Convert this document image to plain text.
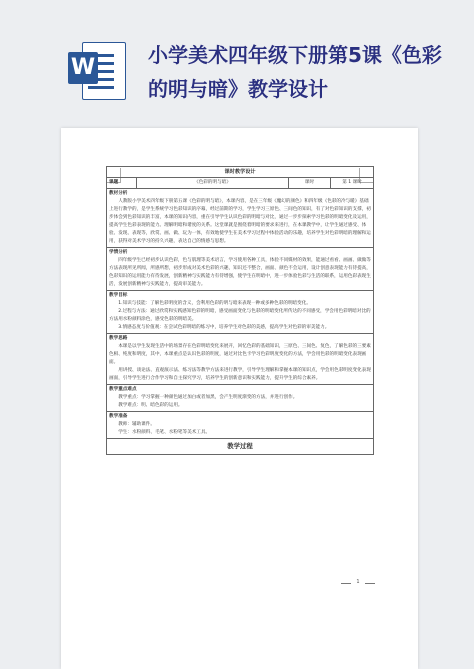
W	小学美术四年级下册第5课《色彩的明与暗》教学设计
课时教学设计
课题	《色彩的明与暗》	课时	第 1 课时

教材分析
人教版小学美术四年级下册第五课《色彩的明与暗》，本课内容，是在三年级《魔幻的颜色》和四年级《色彩的冷与暖》基础上进行教学的，是学生系统学习色彩知识的序幕，经过前期的学习，学生学习三原色、三间色的知识，有了对色彩知识的支撑，初步体会到色彩知识的丰富，本课的知识内容，重在引导学生认识色彩的明暗与对比，通过一步步探索学习色彩的明暗变化及运用，提高学生色彩表现的能力。理解明暗和谐度的关系。这堂课就是围绕着明暗的要求来进行，在本课教学中，让学生通过感受、体验、发现、表现等，欣赏、画、做、玩为一体，有效地使学生在美术学习过程中体验活动的乐趣，培养学生对色彩明暗的理解和运用，获得对美术学习的持久兴趣，表达自己的情感与思想。

学情分析
四年级学生已经初步认识色彩，色与肌理等美术语言，学习使用各种工具，体验不同媒材的效果，能通过看看、画画、做做等方法表现所见所闻，所感所想，初步形成对美术色彩的兴趣，知识还不整合，画面、颜色不会运用，设计创意表现能力有待提高，色彩知识的运用能力有待发展，创新精神与实践能力有待增强，使学生在明暗中，进一步体验色彩与生活的联系，运用色彩表现生活，发展创新精神与实践能力，提高审美能力。

教学目标
1.知识与技能：了解色彩明度的含义，会利用色彩的明与暗来表现一种或多种色彩的明暗变化。
2.过程与方法：通过欣赏和实践感知色彩的明暗，感受画面变化与色彩的明暗变化所传达的不同感受，学会用色彩明暗对比的方法用水粉颜料涂色，感受色彩的明暗美。
3.情感态度与价值观：在尝试色彩明暗的练习中，培养学生对色彩的美感，提高学生对色彩的审美能力。

教学思路
本课是以学生发现生活中的场景存在色彩明暗变化来展开，回忆色彩的基础知识，三原色、三间色、复色，了解色彩的三要素色相、纯度和明度，其中，本课重点是认识色彩的明度，通过对比色卡学习色彩明度变化的方法，学会用色彩的明暗变化表现画面。
用讲授、谈论法、直观演示法、练习法等教学方法来进行教学，引导学生理解和掌握本课的知识点，学会用色彩明度变化表现画面，引导学生进行合作学习和自主探究学习，培养学生的创新意识和实践能力，提升学生的综合素养。

教学重点难点
教学重点：学习掌握一种颜色通过加白或者加黑，会产生明度渐变的方法，并进行创作。
教学难点：明、暗色彩的运用。

教学准备
教师：辅助课件。
学生：水粉颜料、毛笔、水粉笔等美术工具。

教学过程
1
